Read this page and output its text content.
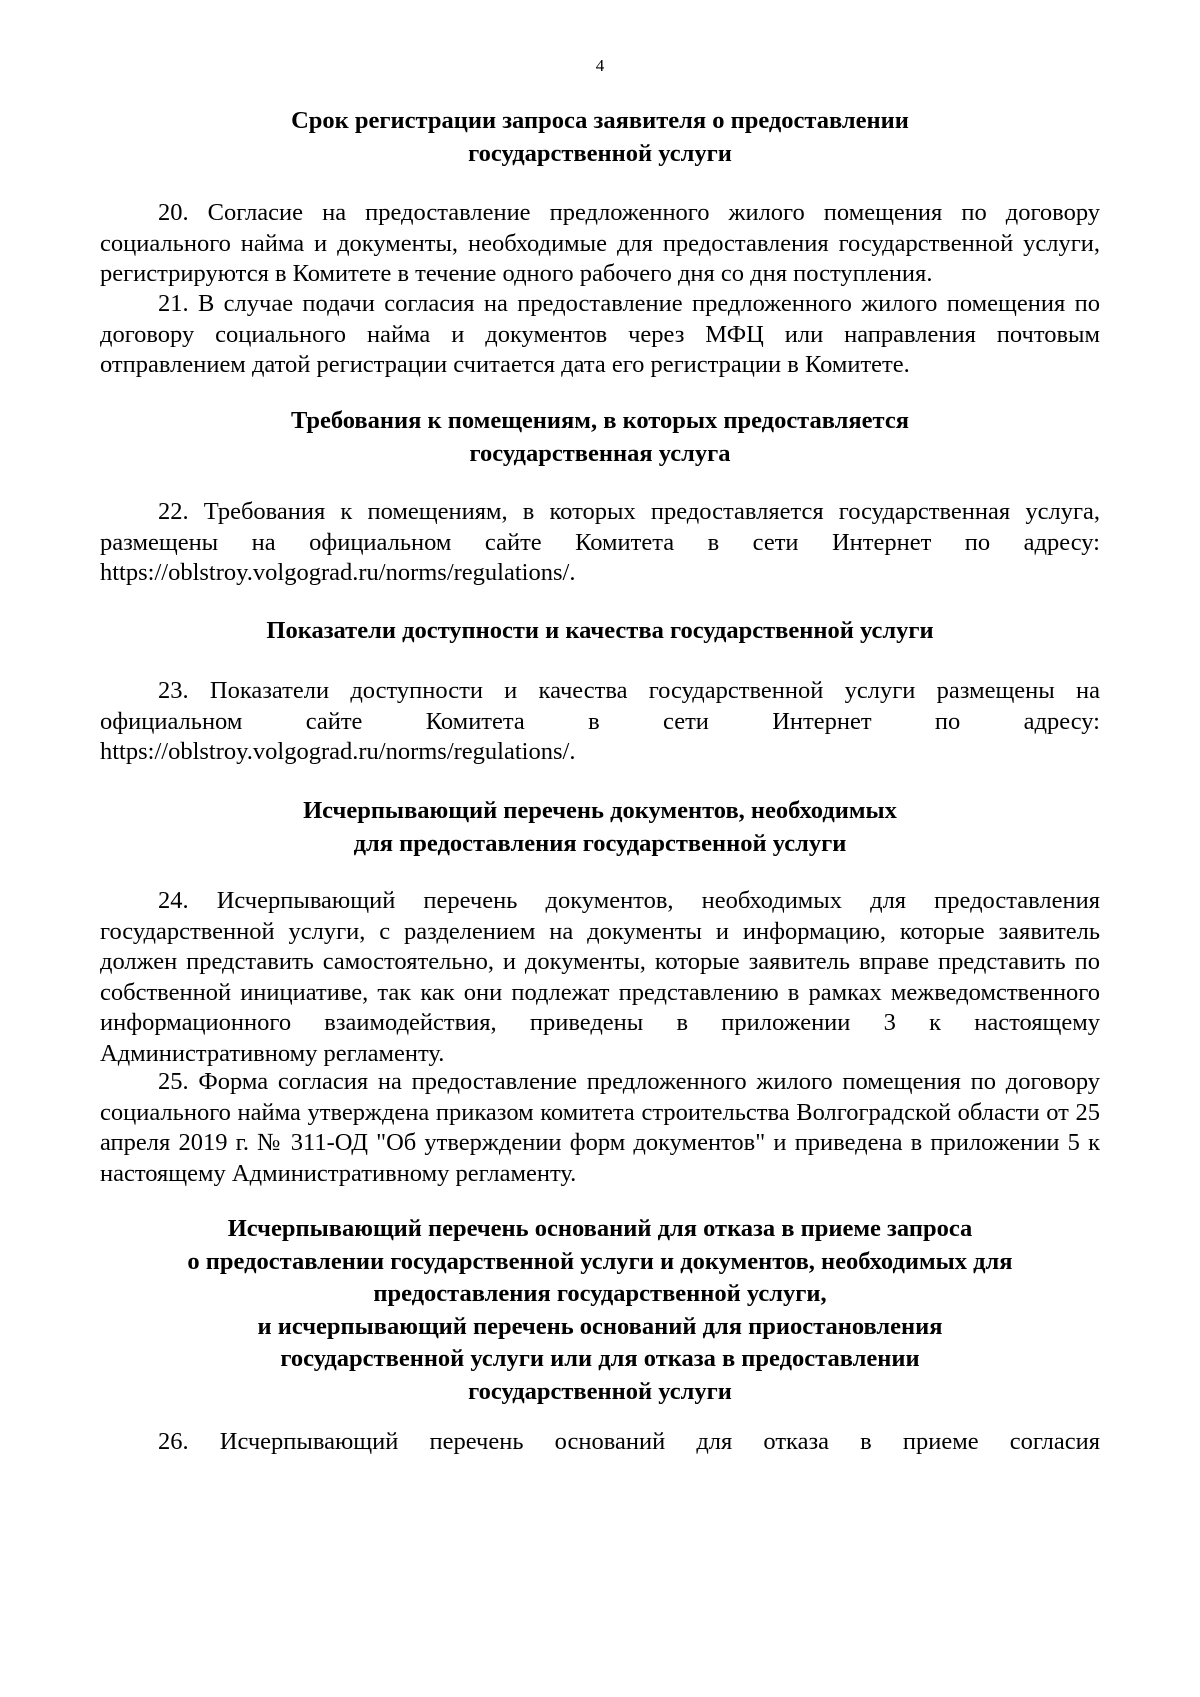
4
Срок регистрации запроса заявителя о предоставлении
государственной услуги
20. Согласие на предоставление предложенного жилого помещения по договору социального найма и документы, необходимые для предоставления государственной услуги, регистрируются в Комитете в течение одного рабочего дня со дня поступления.
21. В случае подачи согласия на предоставление предложенного жилого помещения по договору социального найма и документов через МФЦ или направления почтовым отправлением датой регистрации считается дата его регистрации в Комитете.
Требования к помещениям, в которых предоставляется
государственная услуга
22. Требования к помещениям, в которых предоставляется государственная услуга, размещены на официальном сайте Комитета в сети Интернет по адресу: https://oblstroy.volgograd.ru/norms/regulations/.
Показатели доступности и качества государственной услуги
23. Показатели доступности и качества государственной услуги размещены на официальном сайте Комитета в сети Интернет по адресу: https://oblstroy.volgograd.ru/norms/regulations/.
Исчерпывающий перечень документов, необходимых
для предоставления государственной услуги
24. Исчерпывающий перечень документов, необходимых для предоставления государственной услуги, с разделением на документы и информацию, которые заявитель должен представить самостоятельно, и документы, которые заявитель вправе представить по собственной инициативе, так как они подлежат представлению в рамках межведомственного информационного взаимодействия, приведены в приложении 3 к настоящему Административному регламенту.
25. Форма согласия на предоставление предложенного жилого помещения по договору социального найма утверждена приказом комитета строительства Волгоградской области от 25 апреля 2019 г. № 311-ОД "Об утверждении форм документов" и приведена в приложении 5 к настоящему Административному регламенту.
Исчерпывающий перечень оснований для отказа в приеме запроса
о предоставлении государственной услуги и документов, необходимых для
предоставления государственной услуги,
и исчерпывающий перечень оснований для приостановления
государственной услуги или для отказа в предоставлении
государственной услуги
26. Исчерпывающий перечень оснований для отказа в приеме согласия
